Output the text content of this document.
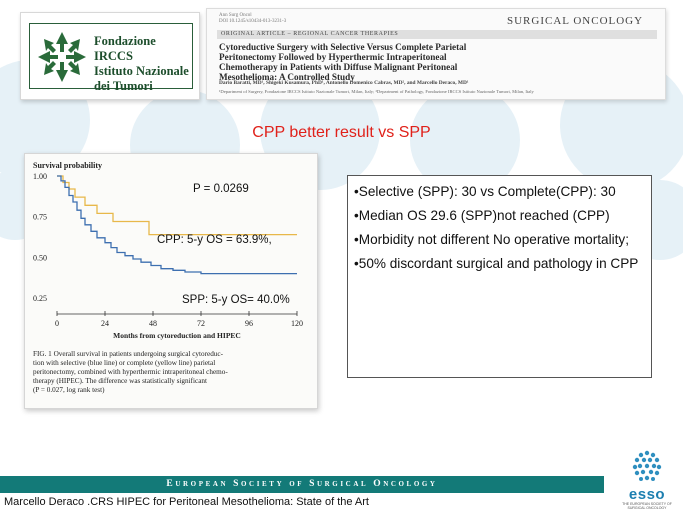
Fondazione IRCCS
Istituto Nazionale
dei Tumori
Ann Surg Oncol
DOI 10.1245/s10434-013-3231-3	SURGICAL ONCOLOGY
ORIGINAL ARTICLE – REGIONAL CANCER THERAPIES
Cytoreductive Surgery with Selective Versus Complete Parietal
Peritonectomy Followed by Hyperthermic Intraperitoneal
Chemotherapy in Patients with Diffuse Malignant Peritoneal
Mesothelioma: A Controlled Study
Dario Baratti, MD¹, Shigeki Kusamura, PhD¹, Antonello Domenico Cabras, MD², and Marcello Deraco, MD¹
¹Department of Surgery, Fondazione IRCCS Istituto Nazionale Tumori, Milan, Italy; ²Department of Pathology, Fondazione IRCCS Istituto Nazionale Tumori, Milan, Italy
CPP better result vs SPP
Survival probability
1.00
0.75
0.50
0.25
0	24	48	72	96	120
Months from cytoreduction and HIPEC
P = 0.0269
CPP: 5-y OS = 63.9%,
SPP: 5-y OS= 40.0%
FIG. 1 Overall survival in patients undergoing surgical cytoreduc-
tion with selective (blue line) or complete (yellow line) parietal
peritonectomy, combined with hyperthermic intraperitoneal chemo-
therapy (HIPEC). The difference was statistically significant
(P = 0.027, log rank test)
•Selective (SPP): 30 vs Complete(CPP): 30
•Median OS 29.6 (SPP)not reached (CPP)
•Morbidity not different No operative mortality;
•50% discordant surgical and pathology in CPP
European Society of Surgical Oncology
Marcello Deraco .CRS HIPEC for Peritoneal Mesothelioma: State of the Art	esso
THE EUROPEAN SOCIETY OF SURGICAL ONCOLOGY
